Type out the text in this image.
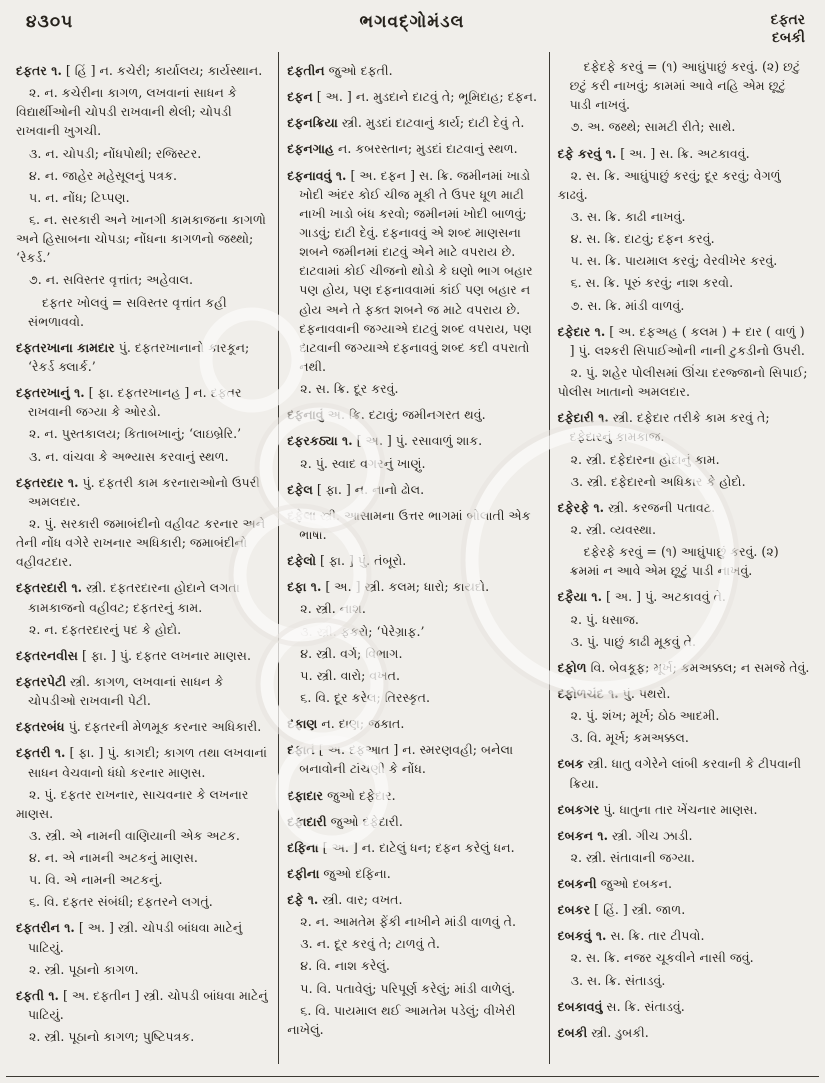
૪૩૦૫	ભગવદ્ગોમંડલ	દફતર
દબકી

દફતર ૧. [ હિં ] ન. કચેરી; કાર્યાલય; કાર્યસ્થાન.

૨. ન. કચેરીના કાગળ, લખવાનાં સાધન કે વિદ્યાર્થીઓની ચોપડી રાખવાની થેલી; ચોપડી રાખવાની ખુગચી.

૩. ન. ચોપડી; નોંધપોથી; રજિસ્ટર.

૪. ન. જાહેર મહેસૂલનું પત્રક.

૫. ન. નોંધ; ટિપ્પણ.

૬. ન. સરકારી અને ખાનગી કામકાજના કાગળો અને હિસાબના ચોપડા; નોંધના કાગળનો જથ્થો; ‘રેકર્ડ.’

૭. ન. સવિસ્તર વૃત્તાંત; અહેવાલ.

દફતર ખોલવું = સવિસ્તર વૃત્તાંત કહી સંભળાવવો.

દફતરખાના કામદાર પું. દફતરખાનાનો કારકૂન; ‘રેકર્ડ ક્લાર્ક.’

દફતરખાનું ૧. [ ફા. દફતરખાનહ ] ન. દફતર રાખવાની જગ્યા કે ઓરડો.

૨. ન. પુસ્તકાલય; કિતાબખાનું; ‘લાઇબ્રેરિ.’

૩. ન. વાંચવા કે અભ્યાસ કરવાનું સ્થળ.

દફતરદાર ૧. પું. દફતરી કામ કરનારાઓનો ઉપરી અમલદાર.

૨. પું. સરકારી જમાબંદીનો વહીવટ કરનાર અને તેની નોંધ વગેરે રાખનાર અધિકારી; જમાબંદીનો વહીવટદાર.

દફતરદારી ૧. સ્ત્રી. દફતરદારના હોદાને લગતા કામકાજનો વહીવટ; દફતરનું કામ.

૨. ન. દફતરદારનું પદ કે હોદો.

દફતરનવીસ [ ફા. ] પું. દફતર લખનાર માણસ.

દફતરપેટી સ્ત્રી. કાગળ, લખવાનાં સાધન કે ચોપડીઓ રાખવાની પેટી.

દફતરબંધ પું. દફતરની મેળમૂક કરનાર અધિકારી.

દફતરી ૧. [ ફા. ] પું. કાગદી; કાગળ તથા લખવાનાં સાધન વેચવાનો ધંધો કરનાર માણસ.

૨. પું. દફતર રાખનાર, સાચવનાર કે લખનાર માણસ.

૩. સ્ત્રી. એ નામની વાણિયાની એક અટક.

૪. ન. એ નામની અટકનું માણસ.

૫. વિ. એ નામની અટકનું.

૬. વિ. દફતર સંબંધી; દફતરને લગતું.

દફતરીન ૧. [ અ. ] સ્ત્રી. ચોપડી બાંધવા માટેનું પાટિયું.

૨. સ્ત્રી. પૂઠાનો કાગળ.

દફતી ૧. [ અ. દફતીન ] સ્ત્રી. ચોપડી બાંધવા માટેનું પાટિયું.

૨. સ્ત્રી. પૂઠાનો કાગળ; પુષ્ટિપત્રક.

દફતીન જુઓ દફતી.

દફન [ અ. ] ન. મુડદાને દાટવું તે; ભૂમિદાહ; દફન.

દફનક્રિયા સ્ત્રી. મુડદાં દાટવાનું કાર્ય; દાટી દેવું તે.

દફનગાહ ન. કબરસ્તાન; મુડદાં દાટવાનું સ્થળ.

દફનાવવું ૧. [ અ. દફન ] સ. ક્રિ. જમીનમાં ખાડો ખોદી અંદર કોઈ ચીજ મૂકી તે ઉપર ધૂળ માટી નાખી ખાડો બંધ કરવો; જમીનમાં ખોદી બાળવું; ગાડવું; દાટી દેવું. દફનાવવું એ શબ્દ માણસના શબને જમીનમાં દાટવું એને માટે વપરાય છે. દાટવામાં કોઈ ચીજનો થોડો કે ઘણો ભાગ બહાર પણ હોય, પણ દફનાવવામાં કાંઈ પણ બહાર ન હોય અને તે ફક્ત શબને જ માટે વપરાય છે. દફનાવવાની જગ્યાએ દાટવું શબ્દ વપરાય, પણ દાટવાની જગ્યાએ દફનાવવું શબ્દ કદી વપરાતો નથી.

૨. સ. ક્રિ. દૂર કરવું.

દફનાવું અ. ક્રિ. દટાવું; જમીનગરત થવું.

દફરકઠ્યા ૧. [ અ. ] પું. રસાવાળું શાક.

૨. પું. સ્વાદ વગરનું ખાણું.

દફેલ [ ફા. ] ન. નાનો ઢોલ.

દફેલા સ્ત્રી. આસામના ઉત્તર ભાગમાં બોલાતી એક ભાષા.

દફેલો [ ફા. ] પું. તંબૂરો.

દફા ૧. [ અ. ] સ્ત્રી. કલમ; ધારો; કાયદો.

૨. સ્ત્રી. નાશ.

૩. સ્ત્રી. ફકરો; ‘પેરેગ્રાફ.’

૪. સ્ત્રી. વર્ગ; વિભાગ.

૫. સ્ત્રી. વારો; વખત.

૬. વિ. દૂર કરેલ; તિરસ્કૃત.

દફાણ ન. દાણ; જકાત.

દફાતં [ અ. દફઆત ] ન. સ્મરણવહી; બનેલા બનાવોની ટાંચણી કે નોંધ.

દફાદાર જુઓ દફેદાર.

દફાદારી જુઓ દફેદારી.

દફિના [ અ. ] ન. દાટેલું ધન; દફન કરેલું ધન.

દફીના જુઓ દફિના.

દફે ૧. સ્ત્રી. વાર; વખત.

૨. ન. આમતેમ ફેંકી નાખીને માંડી વાળવું તે.

૩. ન. દૂર કરવું તે; ટાળવું તે.

૪. વિ. નાશ કરેલું.

૫. વિ. પતાવેલું; પરિપૂર્ણ કરેલું; માંડી વાળેલું.

૬. વિ. પાયમાલ થઈ આમતેમ પડેલું; વીખેરી નાખેલું.

દફેદફે કરવું = (૧) આઘુંપાછું કરવું. (૨) છટું છટું કરી નાખવું; કામમાં આવે નહિ એમ છૂટું પાડી નાખવું.

૭. અ. જથ્થે; સામટી રીતે; સાથે.

દફે કરવું ૧. [ અ. ] સ. ક્રિ. અટકાવવું.

૨. સ. ક્રિ. આઘુંપાછું કરવું; દૂર કરવું; વેગળું કાઢવું.

૩. સ. ક્રિ. કાઢી નાખવું.

૪. સ. ક્રિ. દાટવું; દફન કરવું.

૫. સ. ક્રિ. પાયમાલ કરવું; વેરવીખેર કરવું.

૬. સ. ક્રિ. પૂરું કરવું; નાશ કરવો.

૭. સ. ક્રિ. માંડી વાળવું.

દફેદાર ૧. [ અ. દફઅહ ( કલમ ) + દાર ( વાળું ) ] પું. લશ્કરી સિપાઈઓની નાની ટુકડીનો ઉપરી.

૨. પું. શહેર પોલીસમાં ઊંચા દરજ્જાનો સિપાઈ; પોલીસ ખાતાનો અમલદાર.

દફેદારી ૧. સ્ત્રી. દફેદાર તરીકે કામ કરવું તે; દફેદારનું કામકાજ.

૨. સ્ત્રી. દફેદારના હોદાનું કામ.

૩. સ્ત્રી. દફેદારનો અધિકાર કે હોદો.

દફેરફે ૧. સ્ત્રી. કરજની પતાવટ.

૨. સ્ત્રી. વ્યવસ્થા.

દફેરફે કરવું = (૧) આઘુંપાછું કરવું. (૨) ક્રમમાં ન આવે એમ છૂટું પાડી નાખવું.

દફૈયા ૧. [ અ. ] પું. અટકાવવું તે.

૨. પું. ધસાજ.

૩. પું. પાછું કાઢી મૂકવું તે.

દફોળ વિ. બેવકૂફ; મૂર્ખ; કમઅક્કલ; ન સમજે તેવું.

દફોળચંદ ૧. પું. પથરો.

૨. પું. શંખ; મૂર્ખ; ઠોઠ આદમી.

૩. વિ. મૂર્ખ; કમઅક્કલ.

દબક સ્ત્રી. ધાતુ વગેરેને લાંબી કરવાની કે ટીપવાની ક્રિયા.

દબકગર પું. ધાતુના તાર ખેંચનાર માણસ.

દબકન ૧. સ્ત્રી. ગીચ ઝાડી.

૨. સ્ત્રી. સંતાવાની જગ્યા.

દબકની જુઓ દબકન.

દબકર [ હિં. ] સ્ત્રી. જાળ.

દબકવું ૧. સ. ક્રિ. તાર ટીપવો.

૨. સ. ક્રિ. નજર ચૂકવીને નાસી જવું.

૩. સ. ક્રિ. સંતાડવું.

દબકાવવું સ. ક્રિ. સંતાડવું.

દબકી સ્ત્રી. ડુબકી.
